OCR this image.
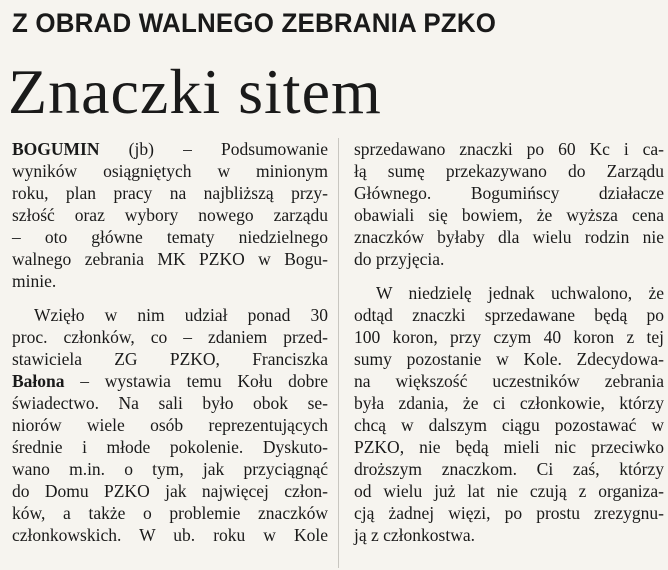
Z OBRAD WALNEGO ZEBRANIA PZKO
Znaczki sitem
BOGUMIN (jb) – Podsumowanie
wyników osiągniętych w minionym
roku, plan pracy na najbliższą przy-
szłość oraz wybory nowego zarządu
– oto główne tematy niedzielnego
walnego zebrania MK PZKO w Bogu-
minie.
Wzięło w nim udział ponad 30
proc. członków, co – zdaniem przed-
stawiciela ZG PZKO, Franciszka
Bałona – wystawia temu Kołu dobre
świadectwo. Na sali było obok se-
niorów wiele osób reprezentujących
średnie i młode pokolenie. Dyskuto-
wano m.in. o tym, jak przyciągnąć
do Domu PZKO jak najwięcej człon-
ków, a także o problemie znaczków
członkowskich. W ub. roku w Kole
sprzedawano znaczki po 60 Kc i ca-
łą sumę przekazywano do Zarządu
Głównego. Bogumińscy działacze
obawiali się bowiem, że wyższa cena
znaczków byłaby dla wielu rodzin nie
do przyjęcia.
W niedzielę jednak uchwalono, że
odtąd znaczki sprzedawane będą po
100 koron, przy czym 40 koron z tej
sumy pozostanie w Kole. Zdecydowa-
na większość uczestników zebrania
była zdania, że ci członkowie, którzy
chcą w dalszym ciągu pozostawać w
PZKO, nie będą mieli nic przeciwko
droższym znaczkom. Ci zaś, którzy
od wielu już lat nie czują z organiza-
cją żadnej więzi, po prostu zrezygnu-
ją z członkostwa.
